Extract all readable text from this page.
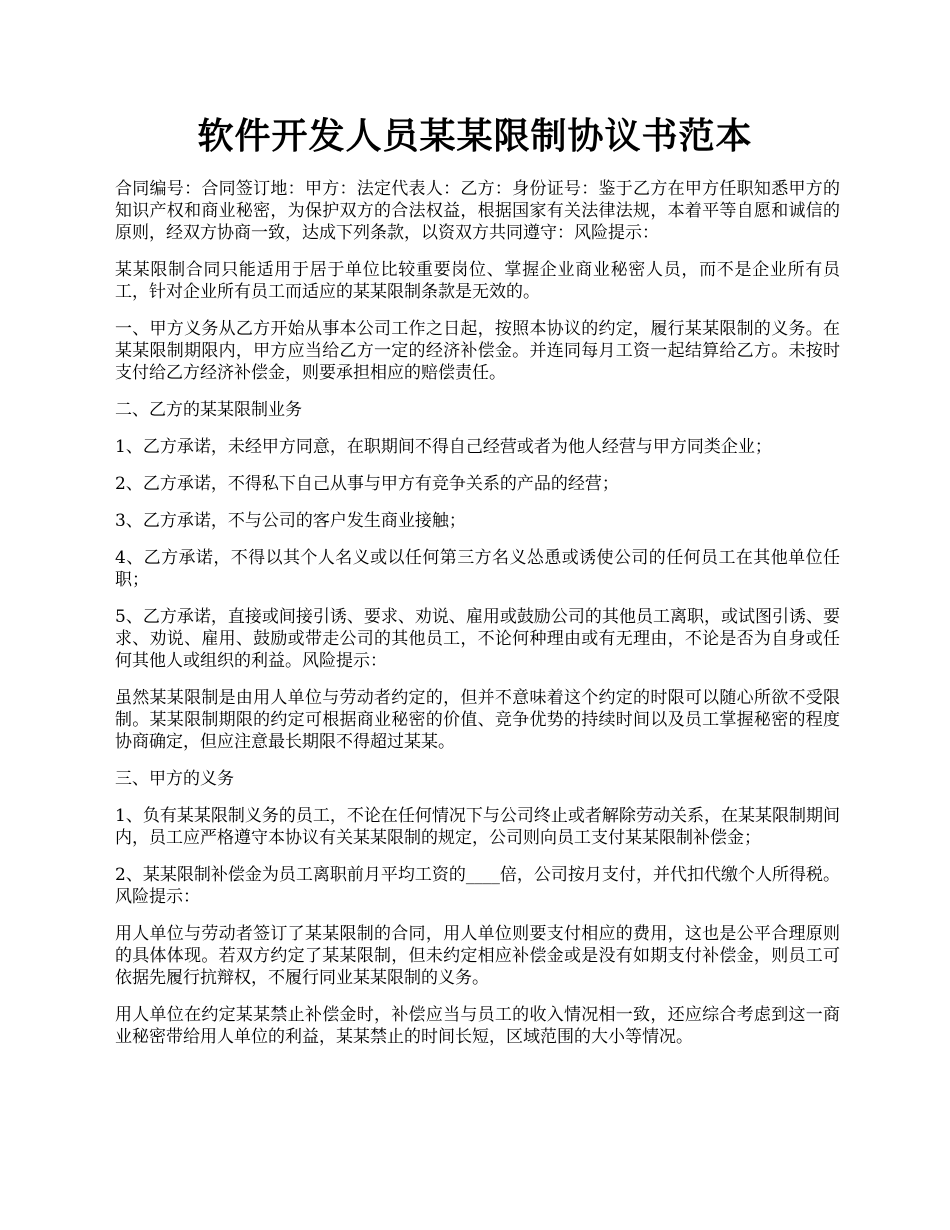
软件开发人员某某限制协议书范本

合同编号：合同签订地：甲方：法定代表人：乙方：身份证号：鉴于乙方在甲方任职知悉甲方的知识产权和商业秘密，为保护双方的合法权益，根据国家有关法律法规，本着平等自愿和诚信的原则，经双方协商一致，达成下列条款，以资双方共同遵守：风险提示：

某某限制合同只能适用于居于单位比较重要岗位、掌握企业商业秘密人员，而不是企业所有员工，针对企业所有员工而适应的某某限制条款是无效的。

一、甲方义务从乙方开始从事本公司工作之日起，按照本协议的约定，履行某某限制的义务。在某某限制期限内，甲方应当给乙方一定的经济补偿金。并连同每月工资一起结算给乙方。未按时支付给乙方经济补偿金，则要承担相应的赔偿责任。

二、乙方的某某限制业务

1、乙方承诺，未经甲方同意，在职期间不得自己经营或者为他人经营与甲方同类企业；

2、乙方承诺，不得私下自己从事与甲方有竞争关系的产品的经营；

3、乙方承诺，不与公司的客户发生商业接触；

4、乙方承诺，不得以其个人名义或以任何第三方名义怂恿或诱使公司的任何员工在其他单位任职；

5、乙方承诺，直接或间接引诱、要求、劝说、雇用或鼓励公司的其他员工离职，或试图引诱、要求、劝说、雇用、鼓励或带走公司的其他员工，不论何种理由或有无理由，不论是否为自身或任何其他人或组织的利益。风险提示：

虽然某某限制是由用人单位与劳动者约定的，但并不意味着这个约定的时限可以随心所欲不受限制。某某限制期限的约定可根据商业秘密的价值、竞争优势的持续时间以及员工掌握秘密的程度协商确定，但应注意最长期限不得超过某某。

三、甲方的义务

1、负有某某限制义务的员工，不论在任何情况下与公司终止或者解除劳动关系，在某某限制期间内，员工应严格遵守本协议有关某某限制的规定，公司则向员工支付某某限制补偿金；

2、某某限制补偿金为员工离职前月平均工资的____倍，公司按月支付，并代扣代缴个人所得税。风险提示：

用人单位与劳动者签订了某某限制的合同，用人单位则要支付相应的费用，这也是公平合理原则的具体体现。若双方约定了某某限制，但未约定相应补偿金或是没有如期支付补偿金，则员工可依据先履行抗辩权，不履行同业某某限制的义务。

用人单位在约定某某禁止补偿金时，补偿应当与员工的收入情况相一致，还应综合考虑到这一商业秘密带给用人单位的利益，某某禁止的时间长短，区域范围的大小等情况。
